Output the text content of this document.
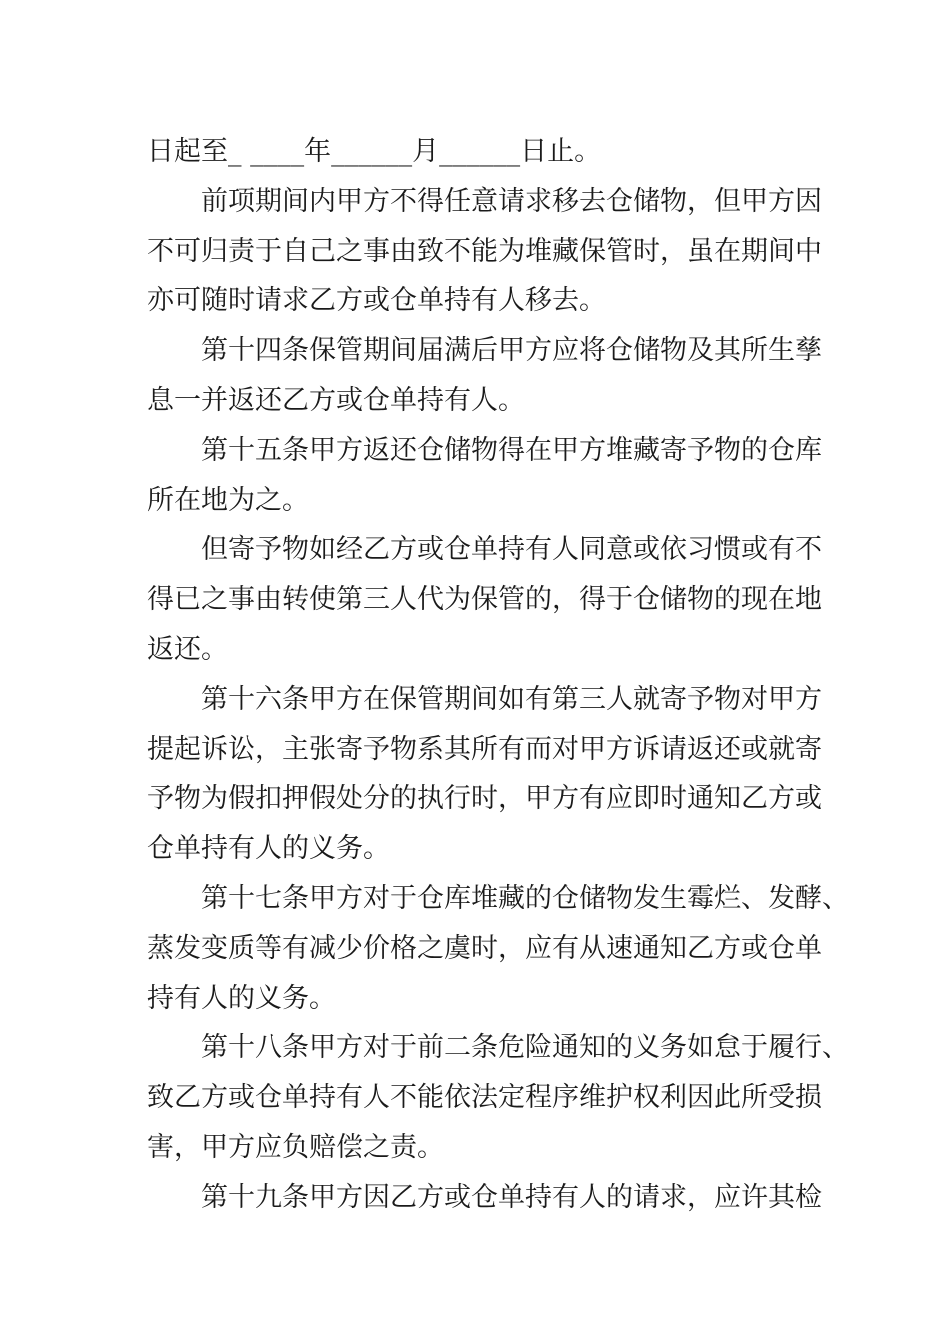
日起至_ ____年______月______日止。
前 项 期 间 内 甲 方 不 得 任 意 请 求 移 去 仓 储 物 ， 但 甲 方 因
不 可 归 责 于 自 己 之 事 由 致 不 能 为 堆 藏 保 管 时 ， 虽 在 期 间 中
亦可随时请求乙方或仓单持有人移去。
第 十 四 条 保 管 期 间 届 满 后 甲 方 应 将 仓 储 物 及 其 所 生 孳
息一并返还乙方或仓单持有人。
第 十 五 条 甲 方 返 还 仓 储 物 得 在 甲 方 堆 藏 寄 予 物 的 仓 库
所在地为之。
但 寄 予 物 如 经 乙 方 或 仓 单 持 有 人 同 意 或 依 习 惯 或 有 不
得 已 之 事 由 转 使 第 三 人 代 为 保 管 的 ， 得 于 仓 储 物 的 现 在 地
返还。
第 十 六 条 甲 方 在 保 管 期 间 如 有 第 三 人 就 寄 予 物 对 甲 方
提 起 诉 讼 ， 主 张 寄 予 物 系 其 所 有 而 对 甲 方 诉 请 返 还 或 就 寄
予 物 为 假 扣 押 假 处 分 的 执 行 时 ， 甲 方 有 应 即 时 通 知 乙 方 或
仓单持有人的义务。
第 十 七 条 甲 方 对 于 仓 库 堆 藏 的 仓 储 物 发 生 霉 烂 、 发 酵 、
蒸 发 变 质 等 有 减 少 价 格 之 虞 时 ， 应 有 从 速 通 知 乙 方 或 仓 单
持有人的义务。
第 十 八 条 甲 方 对 于 前 二 条 危 险 通 知 的 义 务 如 怠 于 履 行 、
致 乙 方 或 仓 单 持 有 人 不 能 依 法 定 程 序 维 护 权 利 因 此 所 受 损
害，甲方应负赔偿之责。
第 十 九 条 甲 方 因 乙 方 或 仓 单 持 有 人 的 请 求 ， 应 许 其 检
